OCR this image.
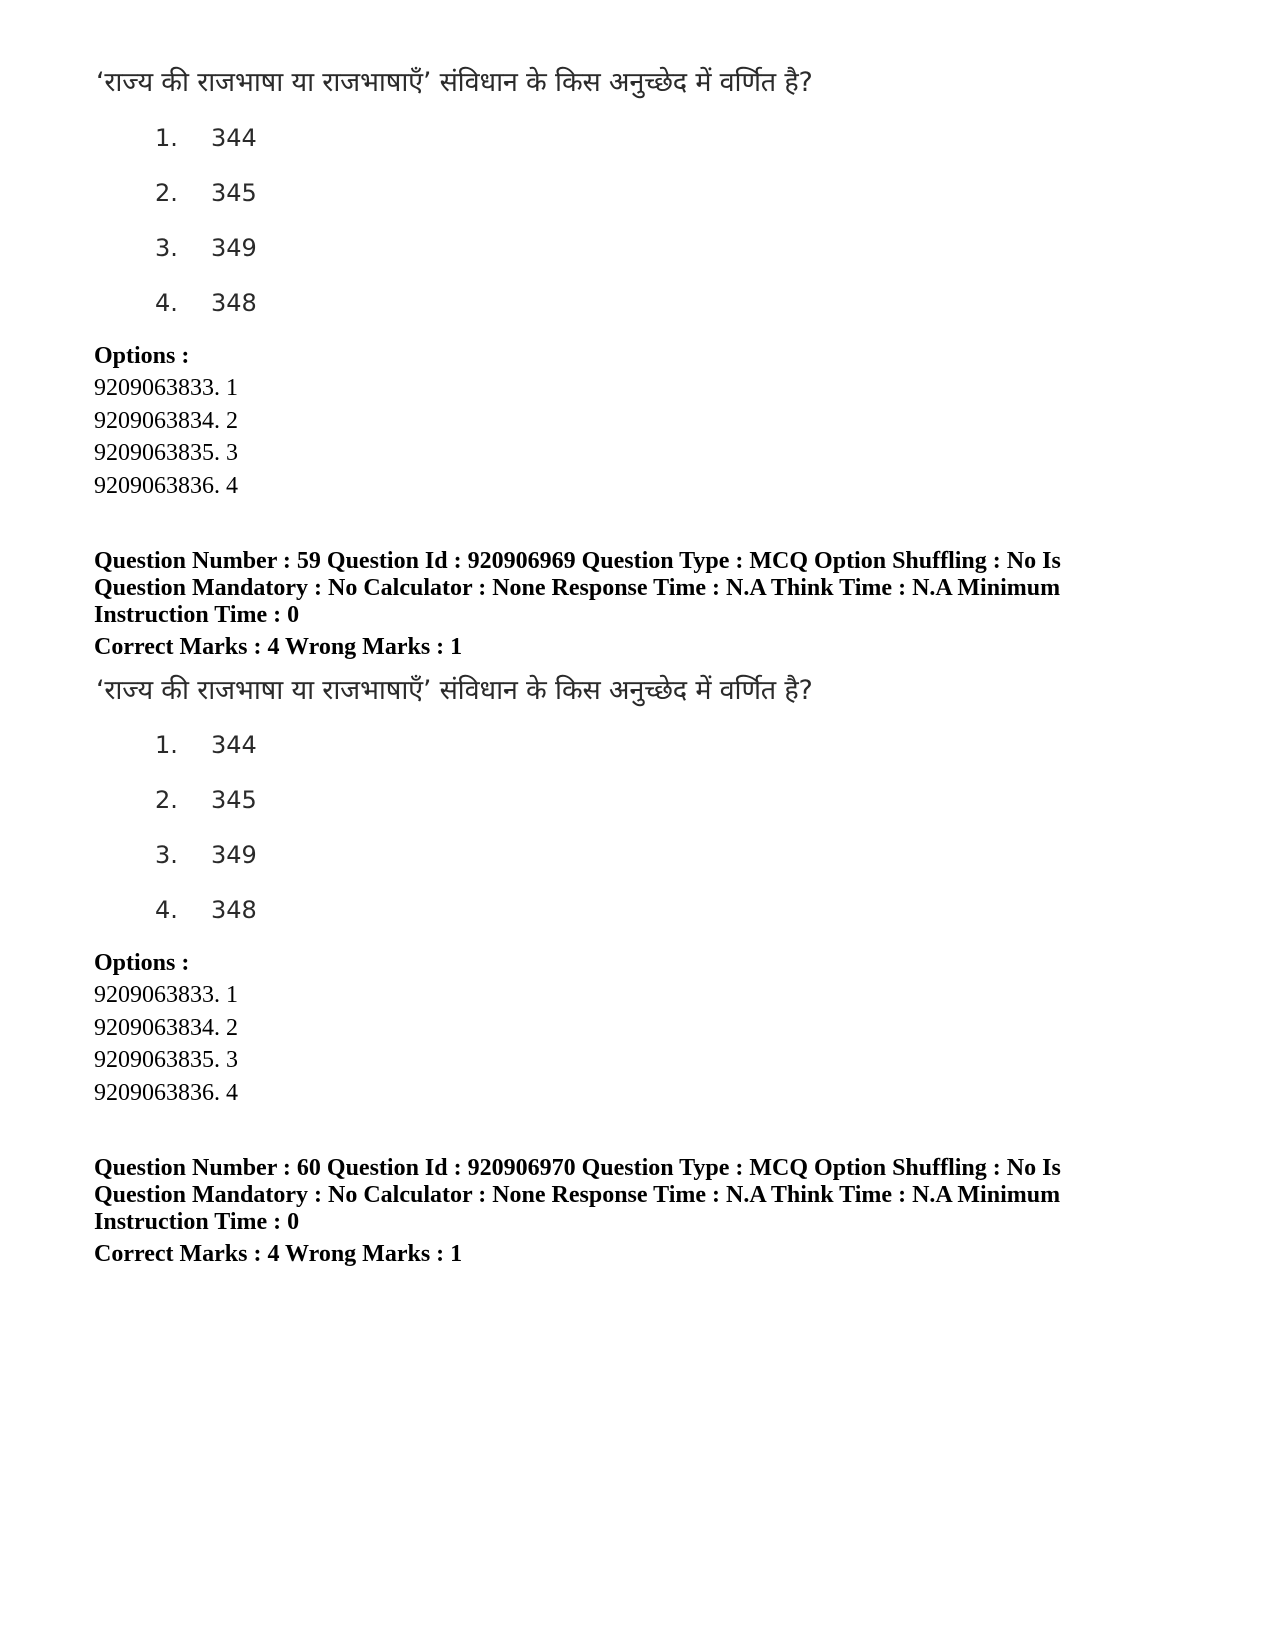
‘राज्य की राजभाषा या राजभाषाएँ’ संविधान के किस अनुच्छेद में वर्णित है?
1. 344
2. 345
3. 349
4. 348
Options :
9209063833. 1
9209063834. 2
9209063835. 3
9209063836. 4
Question Number : 59 Question Id : 920906969 Question Type : MCQ Option Shuffling : No Is
Question Mandatory : No Calculator : None Response Time : N.A Think Time : N.A Minimum
Instruction Time : 0
Correct Marks : 4 Wrong Marks : 1
‘राज्य की राजभाषा या राजभाषाएँ’ संविधान के किस अनुच्छेद में वर्णित है?
1. 344
2. 345
3. 349
4. 348
Options :
9209063833. 1
9209063834. 2
9209063835. 3
9209063836. 4
Question Number : 60 Question Id : 920906970 Question Type : MCQ Option Shuffling : No Is
Question Mandatory : No Calculator : None Response Time : N.A Think Time : N.A Minimum
Instruction Time : 0
Correct Marks : 4 Wrong Marks : 1
